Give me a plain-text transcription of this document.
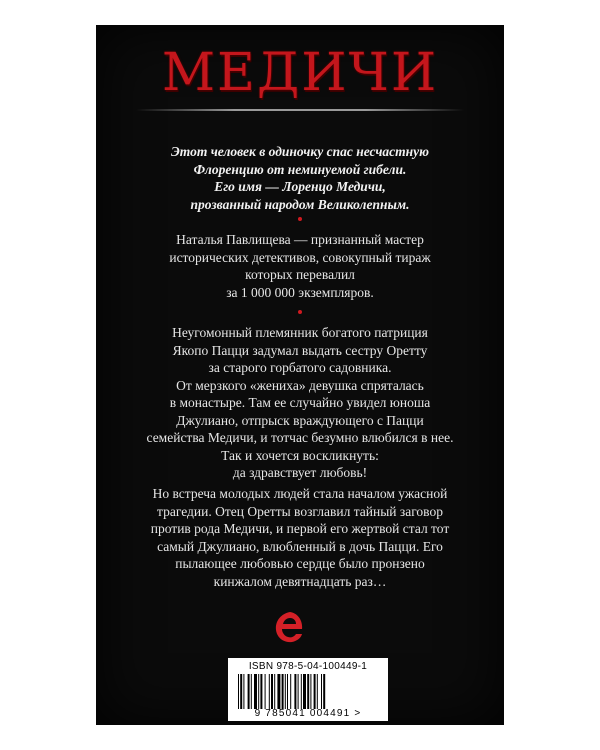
МЕДИЧИ
Этот человек в одиночку спас несчастную
Флоренцию от неминуемой гибели.
Его имя — Лоренцо Медичи,
прозванный народом Великолепным.
Наталья Павлищева — признанный мастер
исторических детективов, совокупный тираж
которых перевалил
за 1 000 000 экземпляров.
Неугомонный племянник богатого патриция
Якопо Пацци задумал выдать сестру Оретту
за старого горбатого садовника.
От мерзкого «жениха» девушка спряталась
в монастыре. Там ее случайно увидел юноша
Джулиано, отпрыск враждующего с Пацци
семейства Медичи, и тотчас безумно влюбился в нее.
Так и хочется воскликнуть:
да здравствует любовь!
Но встреча молодых людей стала началом ужасной
трагедии. Отец Оретты возглавил тайный заговор
против рода Медичи, и первой его жертвой стал тот
самый Джулиано, влюбленный в дочь Пацци. Его
пылающее любовью сердце было пронзено
кинжалом девятнадцать раз…
ISBN 978-5-04-100449-1
9 785041 004491 >
